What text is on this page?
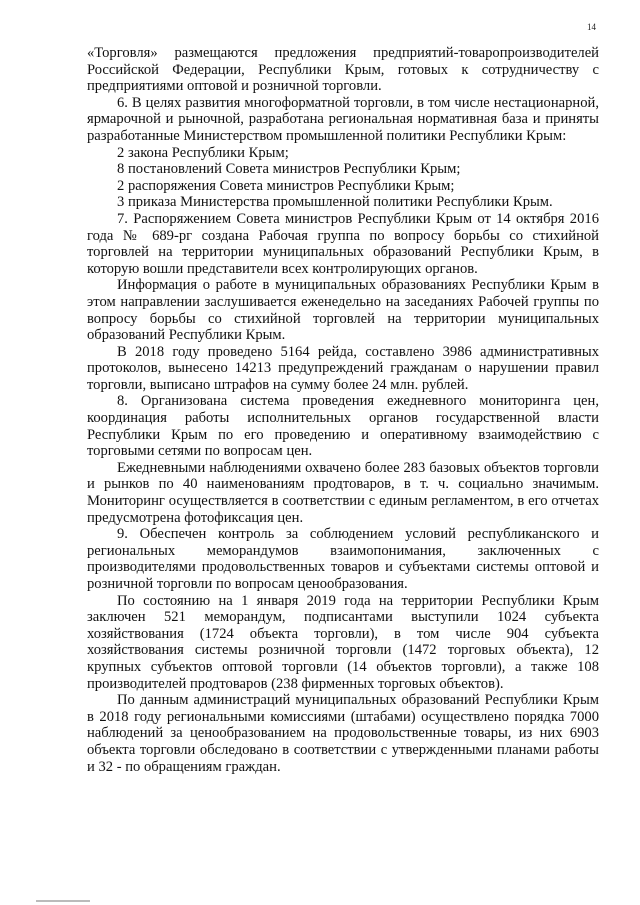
14

«Торговля» размещаются предложения предприятий-товаропроизводителей Российской Федерации, Республики Крым, готовых к сотрудничеству с предприятиями оптовой и розничной торговли.

6. В целях развития многоформатной торговли, в том числе нестационарной, ярмарочной и рыночной, разработана региональная нормативная база и приняты разработанные Министерством промышленной политики Республики Крым:

2 закона Республики Крым;

8 постановлений Совета министров Республики Крым;

2 распоряжения Совета министров Республики Крым;

3 приказа Министерства промышленной политики Республики Крым.

7. Распоряжением Совета министров Республики Крым от 14 октября 2016 года № 689-рг создана Рабочая группа по вопросу борьбы со стихийной торговлей на территории муниципальных образований Республики Крым, в которую вошли представители всех контролирующих органов.

Информация о работе в муниципальных образованиях Республики Крым в этом направлении заслушивается еженедельно на заседаниях Рабочей группы по вопросу борьбы со стихийной торговлей на территории муниципальных образований Республики Крым.

В 2018 году проведено 5164 рейда, составлено 3986 административных протоколов, вынесено 14213 предупреждений гражданам о нарушении правил торговли, выписано штрафов на сумму более 24 млн. рублей.

8. Организована система проведения ежедневного мониторинга цен, координация работы исполнительных органов государственной власти Республики Крым по его проведению и оперативному взаимодействию с торговыми сетями по вопросам цен.

Ежедневными наблюдениями охвачено более 283 базовых объектов торговли и рынков по 40 наименованиям продтоваров, в т. ч. социально значимым. Мониторинг осуществляется в соответствии с единым регламентом, в его отчетах предусмотрена фотофиксация цен.

9. Обеспечен контроль за соблюдением условий республиканского и региональных меморандумов взаимопонимания, заключенных с производителями продовольственных товаров и субъектами системы оптовой и розничной торговли по вопросам ценообразования.

По состоянию на 1 января 2019 года на территории Республики Крым заключен 521 меморандум, подписантами выступили 1024 субъекта хозяйствования (1724 объекта торговли), в том числе 904 субъекта хозяйствования системы розничной торговли (1472 торговых объекта), 12 крупных субъектов оптовой торговли (14 объектов торговли), а также 108 производителей продтоваров (238 фирменных торговых объектов).

По данным администраций муниципальных образований Республики Крым в 2018 году региональными комиссиями (штабами) осуществлено порядка 7000 наблюдений за ценообразованием на продовольственные товары, из них 6903 объекта торговли обследовано в соответствии с утвержденными планами работы и 32 - по обращениям граждан.
